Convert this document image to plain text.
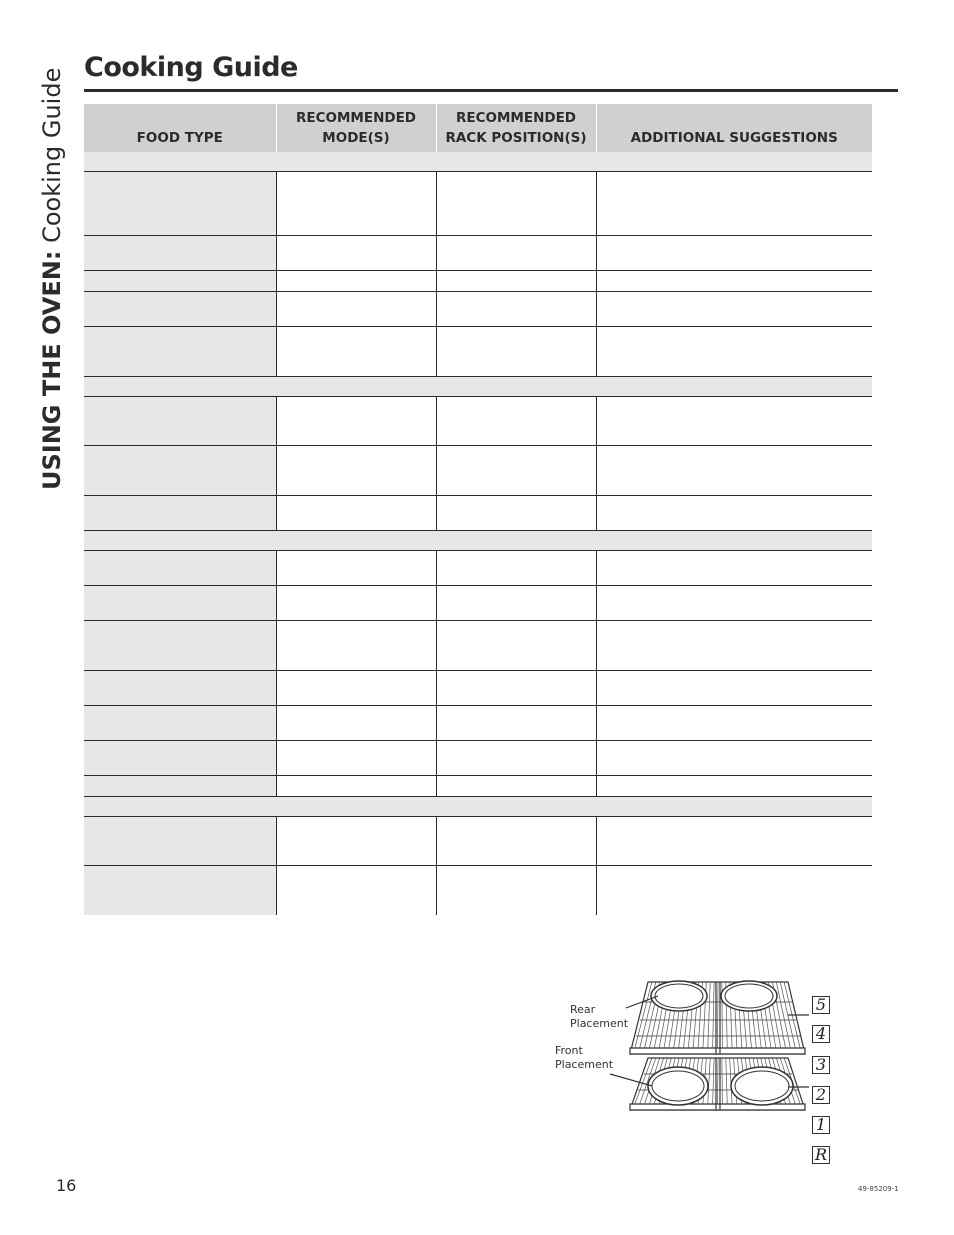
USING THE OVEN: Cooking Guide
Cooking Guide
FOOD TYPE	RECOMMENDED MODE(S)	RECOMMENDED RACK POSITION(S)	ADDITIONAL SUGGESTIONS

Rear
Placement
Front
Placement
5
4
3
2
1
R
16	49-85209-1
